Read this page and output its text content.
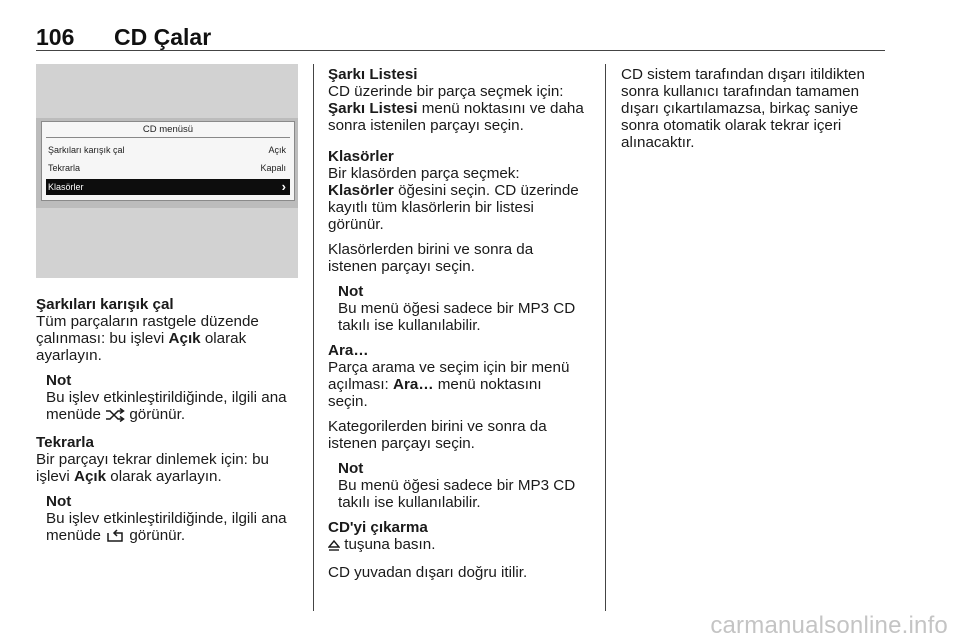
106 CD Çalar
CD menüsü
Şarkıları karışık çal	Açık
Tekrarla	Kapalı
Klasörler	›

Şarkıları karışık çal

Tüm parçaların rastgele düzende

çalınması: bu işlevi Açık olarak

ayarlayın.

Not

Bu işlev etkinleştirildiğinde, ilgili ana

menüde  görünür.

Tekrarla

Bir parçayı tekrar dinlemek için: bu

işlevi Açık olarak ayarlayın.

Not

Bu işlev etkinleştirildiğinde, ilgili ana

menüde  görünür.

Şarkı Listesi

CD üzerinde bir parça seçmek için:

Şarkı Listesi menü noktasını ve daha

sonra istenilen parçayı seçin.

Klasörler

Bir klasörden parça seçmek:

Klasörler öğesini seçin. CD üzerinde

kayıtlı tüm klasörlerin bir listesi

görünür.

Klasörlerden birini ve sonra da

istenen parçayı seçin.

Not

Bu menü öğesi sadece bir MP3 CD

takılı ise kullanılabilir.

Ara…

Parça arama ve seçim için bir menü

açılması: Ara… menü noktasını

seçin.

Kategorilerden birini ve sonra da

istenen parçayı seçin.

Not

Bu menü öğesi sadece bir MP3 CD

takılı ise kullanılabilir.

CD'yi çıkarma

tuşuna basın.

CD yuvadan dışarı doğru itilir.

CD sistem tarafından dışarı itildikten

sonra kullanıcı tarafından tamamen

dışarı çıkartılamazsa, birkaç saniye

sonra otomatik olarak tekrar içeri

alınacaktır.

carmanualsonline.info
